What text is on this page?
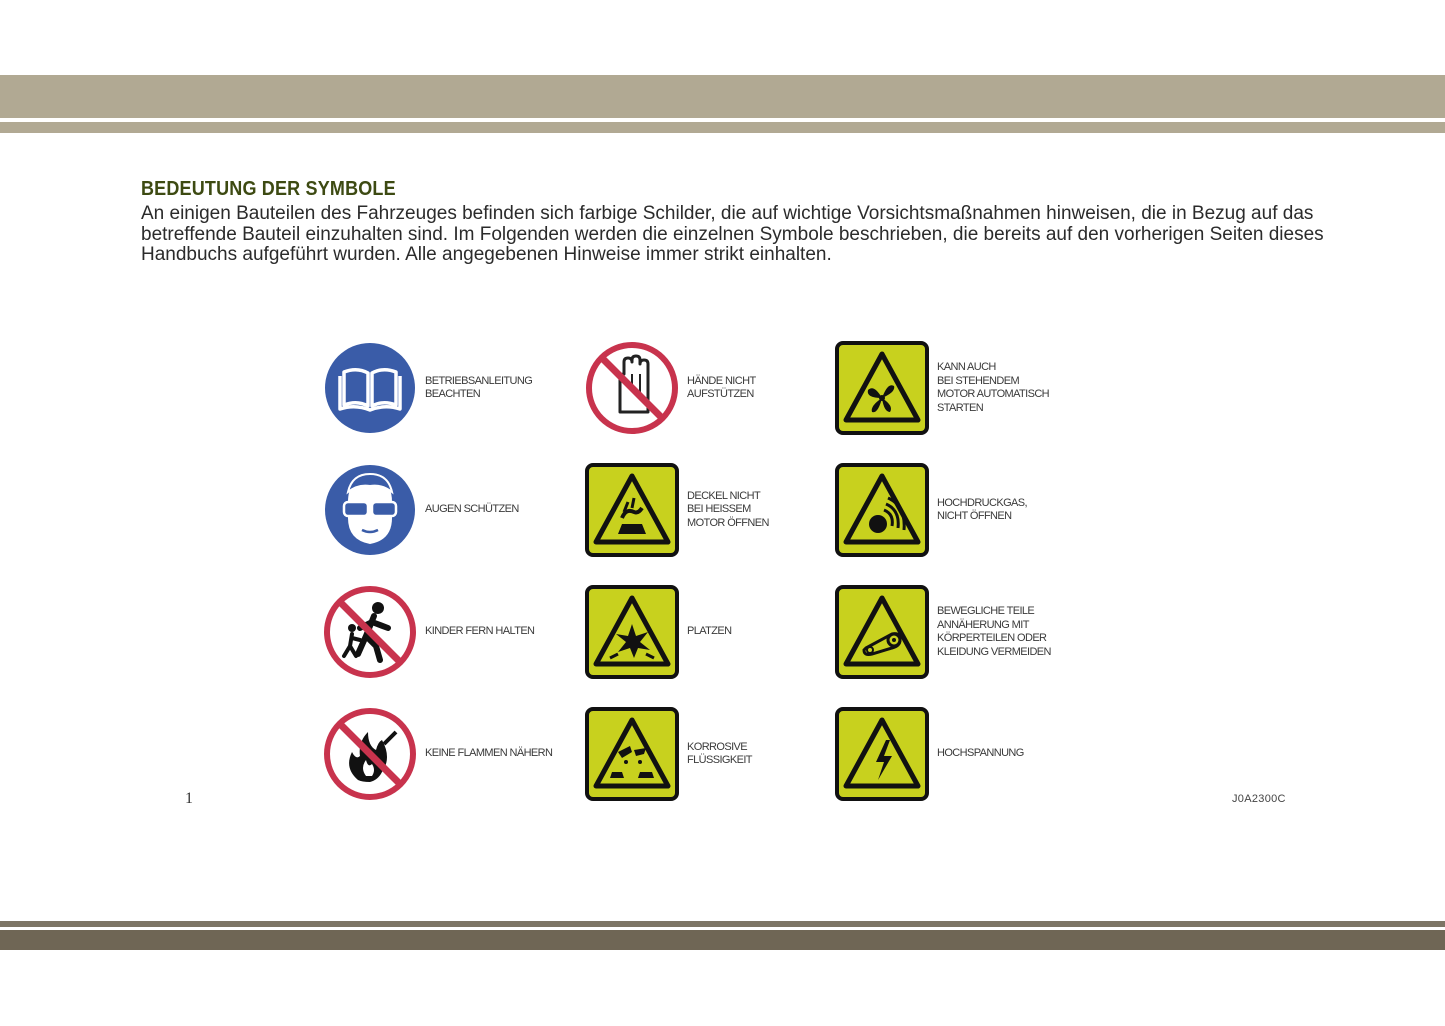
BEDEUTUNG DER SYMBOLE

An einigen Bauteilen des Fahrzeuges befinden sich farbige Schilder, die auf wichtige Vorsichtsmaßnahmen hinweisen, die in Bezug auf das betreffende Bauteil einzuhalten sind. Im Folgenden werden die einzelnen Symbole beschrieben, die bereits auf den vorherigen Seiten dieses Handbuchs aufgeführt wurden. Alle angegebenen Hinweise immer strikt einhalten.

BETRIEBSANLEITUNG
BEACHTEN
HÄNDE NICHT
AUFSTÜTZEN
KANN AUCH
BEI STEHENDEM
MOTOR AUTOMATISCH
STARTEN
AUGEN SCHÜTZEN
DECKEL NICHT
BEI HEISSEM
MOTOR ÖFFNEN
HOCHDRUCKGAS,
NICHT ÖFFNEN
KINDER FERN HALTEN	PLATZEN
BEWEGLICHE TEILE
ANNÄHERUNG MIT
KÖRPERTEILEN ODER
KLEIDUNG VERMEIDEN
KEINE FLAMMEN NÄHERN
KORROSIVE
FLÜSSIGKEIT
HOCHSPANNUNG
1	J0A2300C
